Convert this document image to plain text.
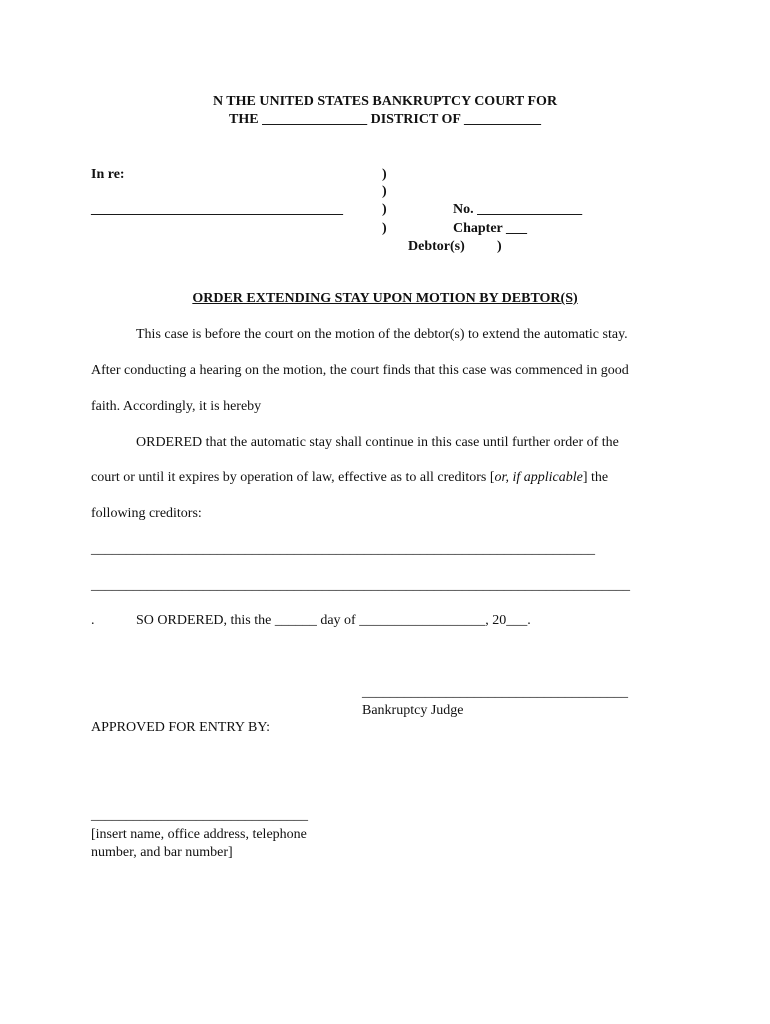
N THE UNITED STATES BANKRUPTCY COURT FOR
THE _______________ DISTRICT OF ___________
In re:	)
)
)
)
____________________________________	No. _______________
Chapter ___
Debtor(s) )
ORDER EXTENDING STAY UPON MOTION BY DEBTOR(S)
This case is before the court on the motion of the debtor(s) to extend the automatic stay.
After conducting a hearing on the motion, the court finds that this case was commenced in good
faith. Accordingly, it is hereby
ORDERED that the automatic stay shall continue in this case until further order of the
court or until it expires by operation of law, effective as to all creditors [or, if applicable] the
following creditors:
________________________________________________________________________
_____________________________________________________________________________
.	SO ORDERED, this the ______ day of __________________, 20___.
______________________________________
Bankruptcy Judge
APPROVED FOR ENTRY BY:
_______________________________
[insert name, office address, telephone
number, and bar number]
